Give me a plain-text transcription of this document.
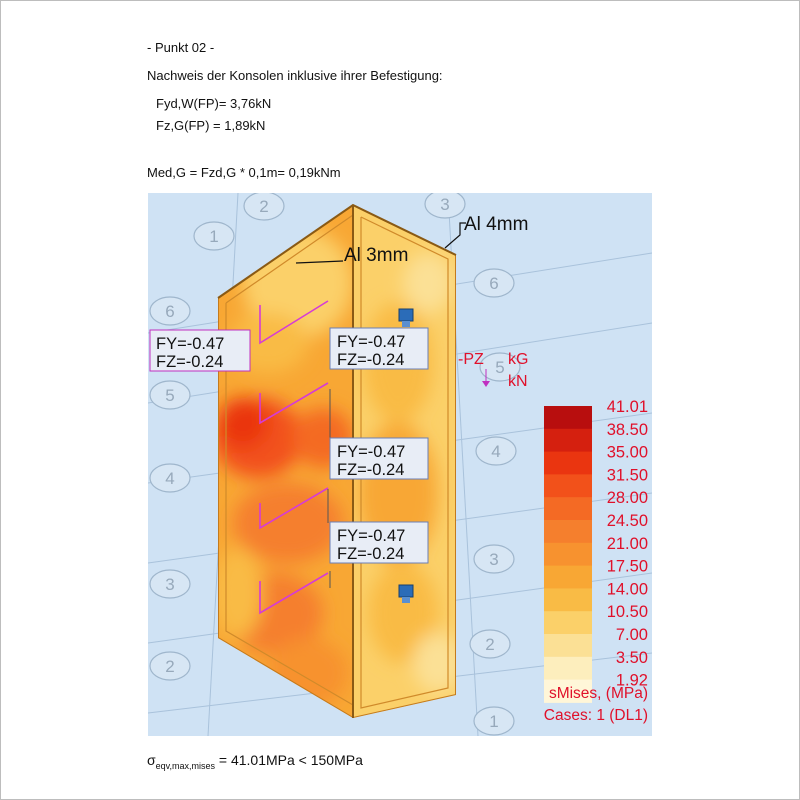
- Punkt 02 -
Nachweis der Konsolen inklusive ihrer Befestigung:
Fyd,W(FP)= 3,76kN
Fz,G(FP) = 1,89kN
Med,G = Fzd,G * 0,1m= 0,19kNm
1
2	3
6
5
4
3
2
6
5
4
3
2
1
Al 3mm
Al 4mm
FY=-0.47
FZ=-0.24
FY=-0.47
FZ=-0.24
FY=-0.47
FZ=-0.24
FY=-0.47
FZ=-0.24
-PZ kG
kN
41.01
38.50
35.00
31.50
28.00
24.50
21.00
17.50
14.00
10.50
7.00
3.50
1.92
sMises, (MPa)
Cases: 1 (DL1)
$\sigma_{eqv,max,mises} = 41.01MPa < 150MPa$
